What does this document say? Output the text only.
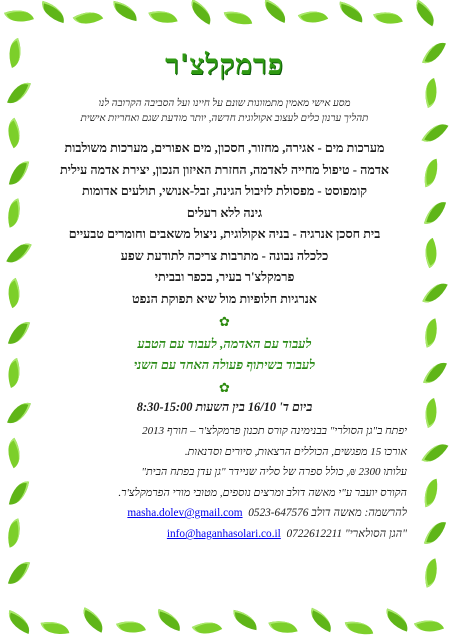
פרמקלצ'ר
מסע אישי מאמין מתמוונות שונם על חיינו ועל הסביבה הקרובה לנו
תהליך ערנון כלים לעצוב אקולוגית חדשה, יותר מודעת שגם ואחריות אישית

מערכות מים - אגירה, מחזור, חסכון, מים אפורים, מערכות משולבות

אדמה - טיפול מחייה לאדמה, החזרת האיזון הנכון, יצירת אדמה עילית

קומפוסט - מפסולת לזיבול הגינה, זבל-אנושי, תולעים אדומות

גינה ללא רעלים

בית חסכן אנרגיה - בניה אקולוגית, ניצול משאבים וחומרים טבעיים

כלכלה נבונה - מתרבות צריכה לתודעת שפע

פרמקלצ'ר בעיר, בכפר ובביתי

אנרגיות חלופיות מול שיא תפוקת הנפט

✿

לעבוד עם האדמה, לעבוד עם הטבע

לעבוד בשיתוף פעולה האחד עם השני

✿
ביום ד' 16/10 בין השעות 8:30-15:00

יפתח ב"גן הסולרי" בבנימינה קורס תכנון פרמקלצ'ר – חורף 2013

אורכו 15 מפגשים, הכוללים הרצאות, סיורים וסדנאות.

עלותו 2300 ₪, כולל ספרה של סליה שניידר "גן עדן בפתח הבית"

הקורס יועבר ע"י מאשה דולב ומרצים נוספים, מטובי מורי הפרמקלצ'ר.

להרשמה: מאשה דולב 0523-647576  masha.dolev@gmail.com

"הגן הסולארי" 0722612211  info@haganhasolari.co.il
